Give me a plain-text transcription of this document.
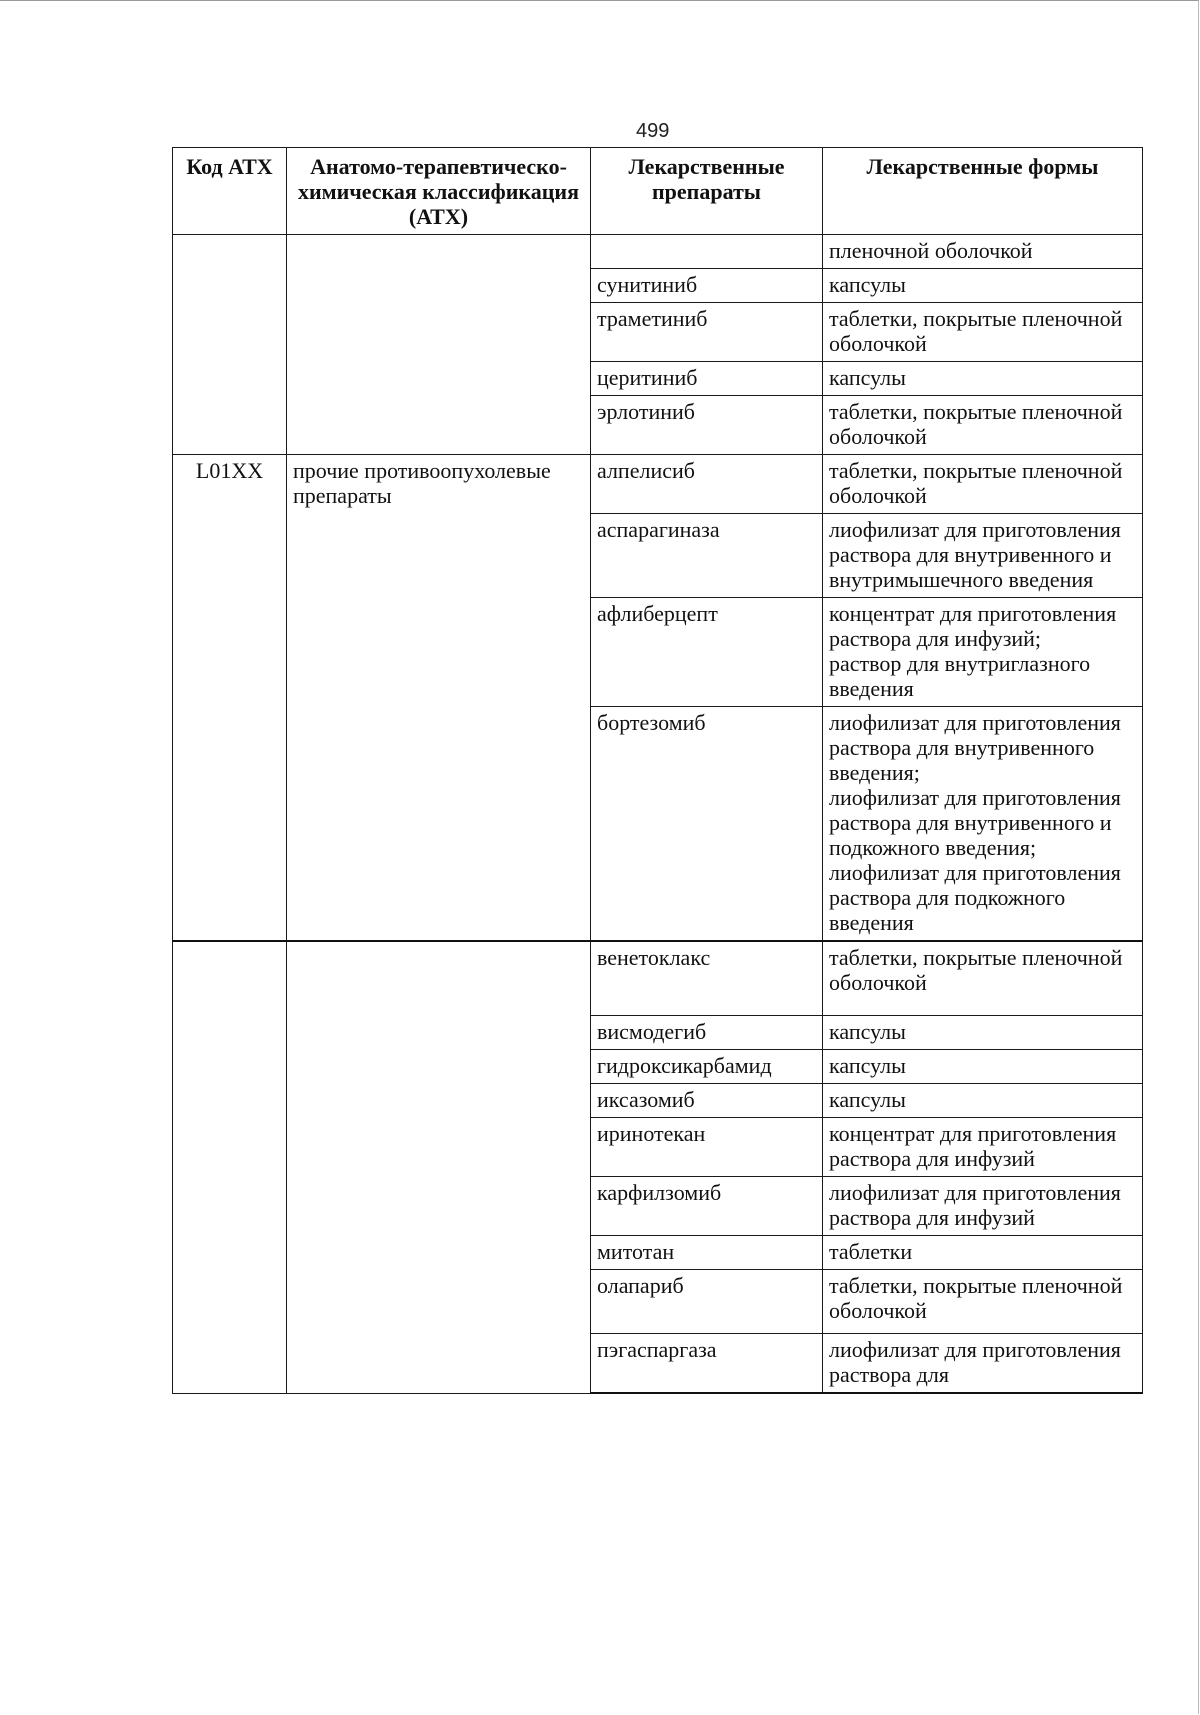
499
Код АТХ	Анатомо-терапевтическо-химическая классификация (АТХ)	Лекарственные препараты	Лекарственные формы
			пленочной оболочкой
		сунитиниб	капсулы
		траметиниб	таблетки, покрытые пленочной оболочкой
		церитиниб	капсулы
		эрлотиниб	таблетки, покрытые пленочной оболочкой
L01XX	прочие противоопухолевые препараты	алпелисиб	таблетки, покрытые пленочной оболочкой
		аспарагиназа	лиофилизат для приготовления раствора для внутривенного и внутримышечного введения
		афлиберцепт	концентрат для приготовления раствора для инфузий;
раствор для внутриглазного введения
		бортезомиб	лиофилизат для приготовления раствора для внутривенного введения;
лиофилизат для приготовления раствора для внутривенного и подкожного введения;
лиофилизат для приготовления раствора для подкожного введения
		венетоклакс	таблетки, покрытые пленочной оболочкой
		висмодегиб	капсулы
		гидроксикарбамид	капсулы
		иксазомиб	капсулы
		иринотекан	концентрат для приготовления раствора для инфузий
		карфилзомиб	лиофилизат для приготовления раствора для инфузий
		митотан	таблетки
		олапариб	таблетки, покрытые пленочной оболочкой
		пэгаспаргаза	лиофилизат для приготовления раствора для
